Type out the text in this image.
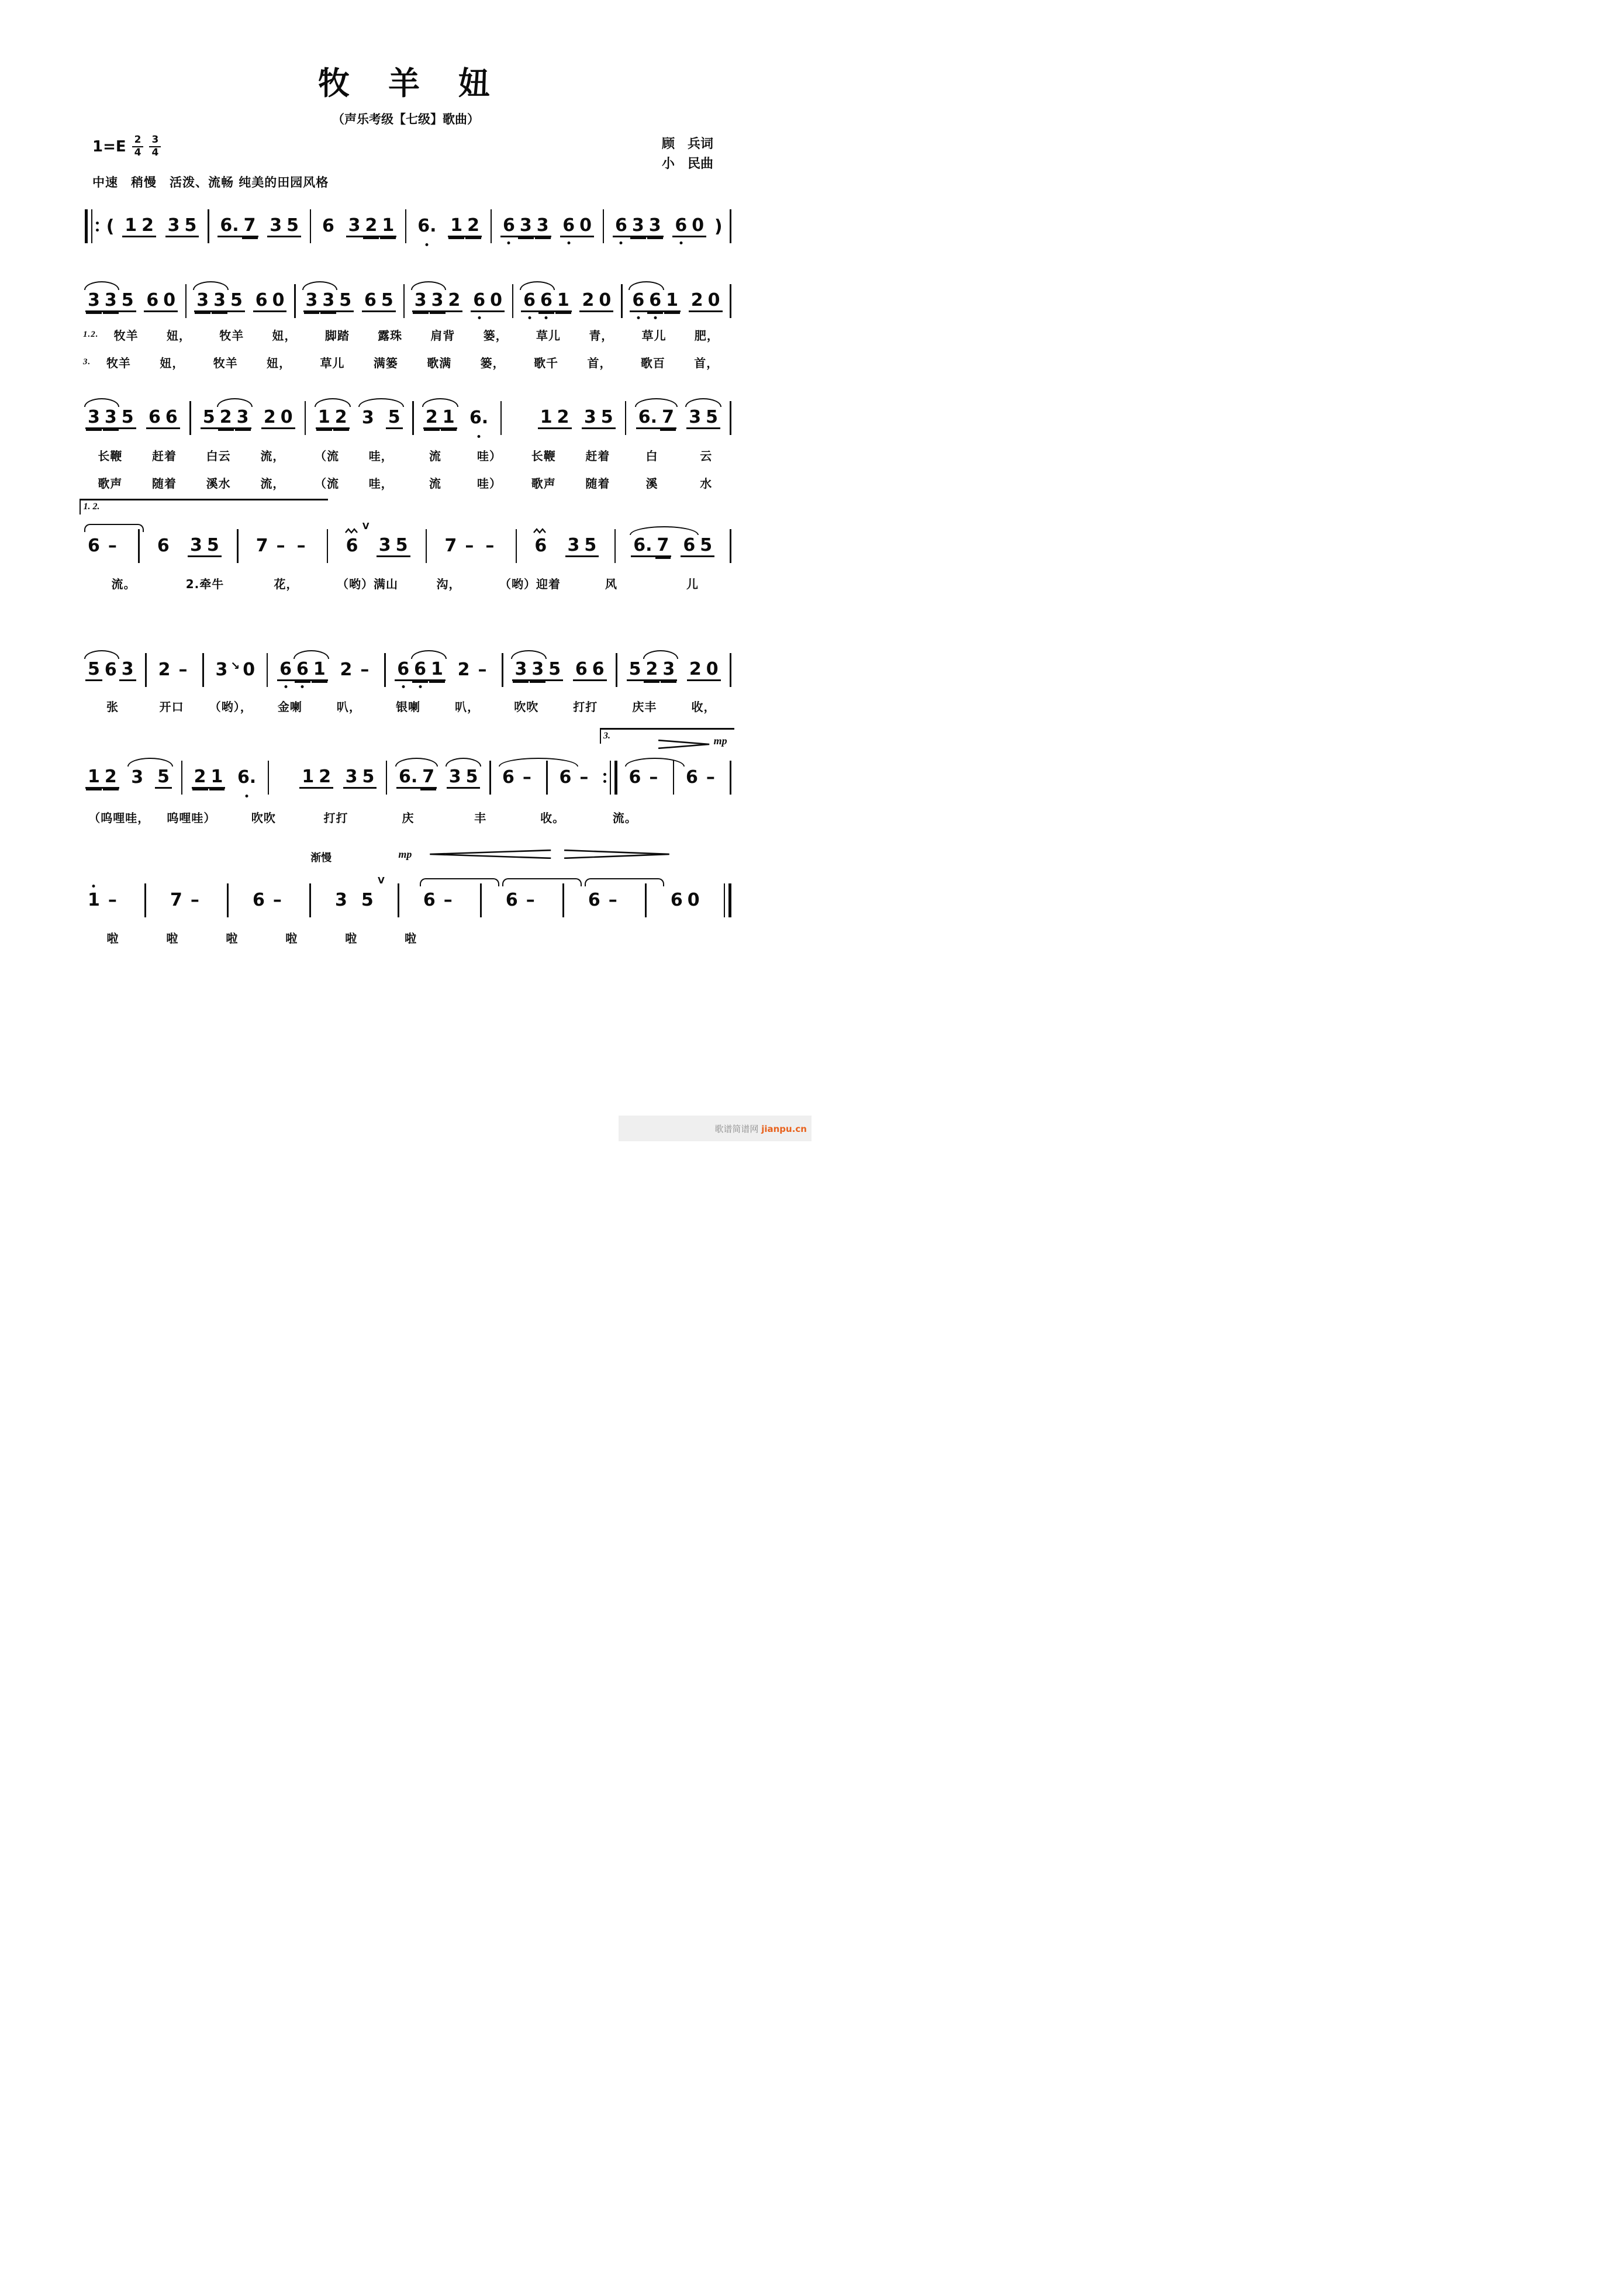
牧　羊　妞
（声乐考级【七级】歌曲）
$1=E \frac{2}{4} \frac{3}{4}$	顾　兵词
小　民曲
中速　稍慢　活泼、流畅 纯美的田园风格
( 1 2 3 5 6. 7 3 5 6 3 2 1 6. 1 2 6 3 3 6 0 6 3 3 6 0 )
3 3 5 6 0 3 3 5 6 0 3 3 5 6 5 3 3 2 6 0 6 6 1 2 0 6 6 1 2 0
1.2.	牧羊	妞，	牧羊	妞，	脚踏	露珠	肩背	篓，	草儿	青，	草儿	肥，
3.	牧羊	妞，	牧羊	妞，	草儿	满篓	歌满	篓，	歌千	首，	歌百	首，
3 3 5 6 6 5 2 3 2 0 1 2 3 5 2 1 6.	1 2 3 5 6. 7 3 5
长鞭	赶着	白云	流，	（流	哇，	流	哇）	长鞭	赶着	白	云
歌声	随着	溪水	流，	（流	哇，	流	哇）	歌声	随着	溪	水
1. 2.
6 – 6 3 5 7 – – 6
V
3 5 7 – – 6 3 5 6. 7 6 5
流。	2.牵牛	花，	（哟）满山	沟，	（哟）迎着	风	儿
5 6 3 2 – 3 ↘ 0 6 6 1 2 – 6 6 1 2 – 3 3 5 6 6 5 2 3 2 0
张	开口	（哟），	金喇	叭，	银喇	叭，	吹吹	打打	庆丰	收，
3.	mp
1 2 3 5 2 1 6.	1 2 3 5 6. 7 3 5 6 – 6 – 6 – 6 –
（呜哩哇，	呜哩哇）	吹吹	打打	庆	丰	收。	流。
渐慢	mp
1 –	7 –	6 –	3 5
V
6 –	6 –	6 –	6 0
啦	啦	啦	啦	啦	啦
歌谱简谱网 jianpu.cn
